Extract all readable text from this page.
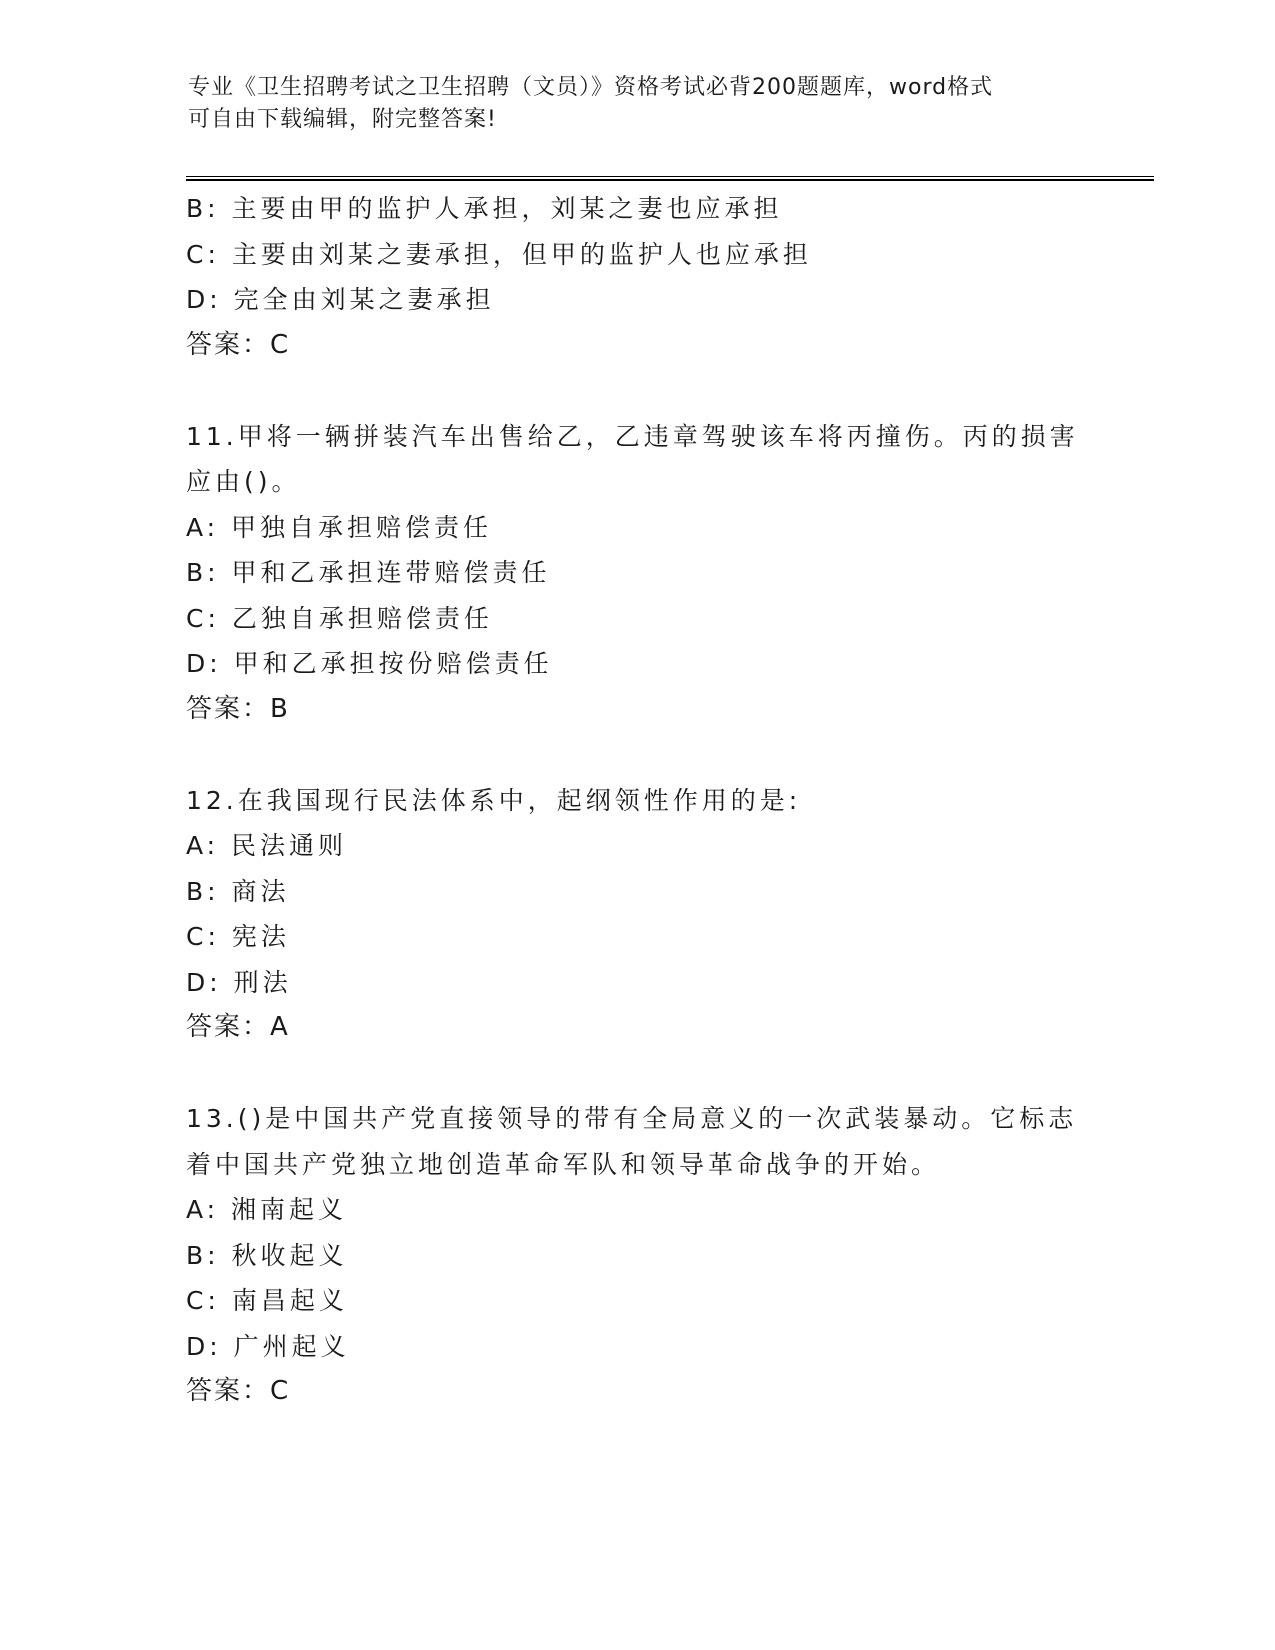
专业《卫生招聘考试之卫生招聘（文员）》资格考试必背200题题库，word格式
可自由下载编辑，附完整答案!
B: 主要由甲的监护人承担，刘某之妻也应承担
C: 主要由刘某之妻承担，但甲的监护人也应承担
D: 完全由刘某之妻承担
答案：C
11.甲将一辆拼装汽车出售给乙，乙违章驾驶该车将丙撞伤。丙的损害
应由()。
A: 甲独自承担赔偿责任
B: 甲和乙承担连带赔偿责任
C: 乙独自承担赔偿责任
D: 甲和乙承担按份赔偿责任
答案：B
12.在我国现行民法体系中，起纲领性作用的是:
A: 民法通则
B: 商法
C: 宪法
D: 刑法
答案：A
13.()是中国共产党直接领导的带有全局意义的一次武装暴动。它标志
着中国共产党独立地创造革命军队和领导革命战争的开始。
A: 湘南起义
B: 秋收起义
C: 南昌起义
D: 广州起义
答案：C
